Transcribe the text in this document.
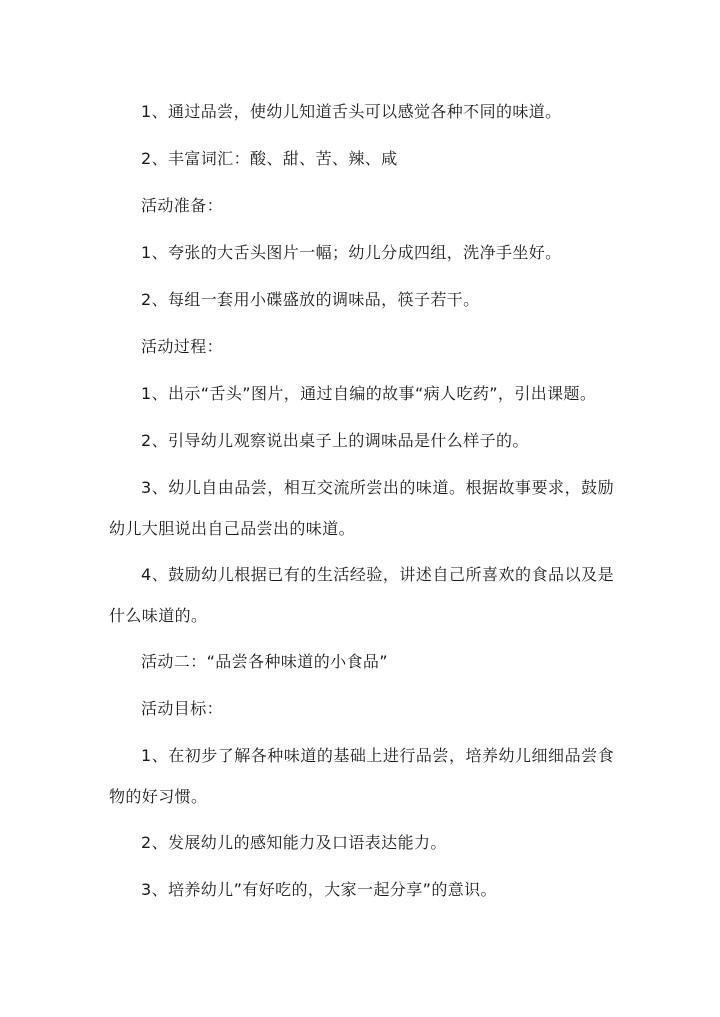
1、通过品尝，使幼儿知道舌头可以感觉各种不同的味道。

2、丰富词汇：酸、甜、苦、辣、咸

活动准备：

1、夸张的大舌头图片一幅；幼儿分成四组，洗净手坐好。

2、每组一套用小碟盛放的调味品，筷子若干。

活动过程：

1、出示“舌头”图片，通过自编的故事“病人吃药”，引出课题。

2、引导幼儿观察说出桌子上的调味品是什么样子的。

3、幼儿自由品尝，相互交流所尝出的味道。根据故事要求，鼓励幼儿大胆说出自己品尝出的味道。

4、鼓励幼儿根据已有的生活经验，讲述自己所喜欢的食品以及是什么味道的。

活动二：“品尝各种味道的小食品”

活动目标：

1、在初步了解各种味道的基础上进行品尝，培养幼儿细细品尝食物的好习惯。

2、发展幼儿的感知能力及口语表达能力。

3、培养幼儿”有好吃的，大家一起分享”的意识。
